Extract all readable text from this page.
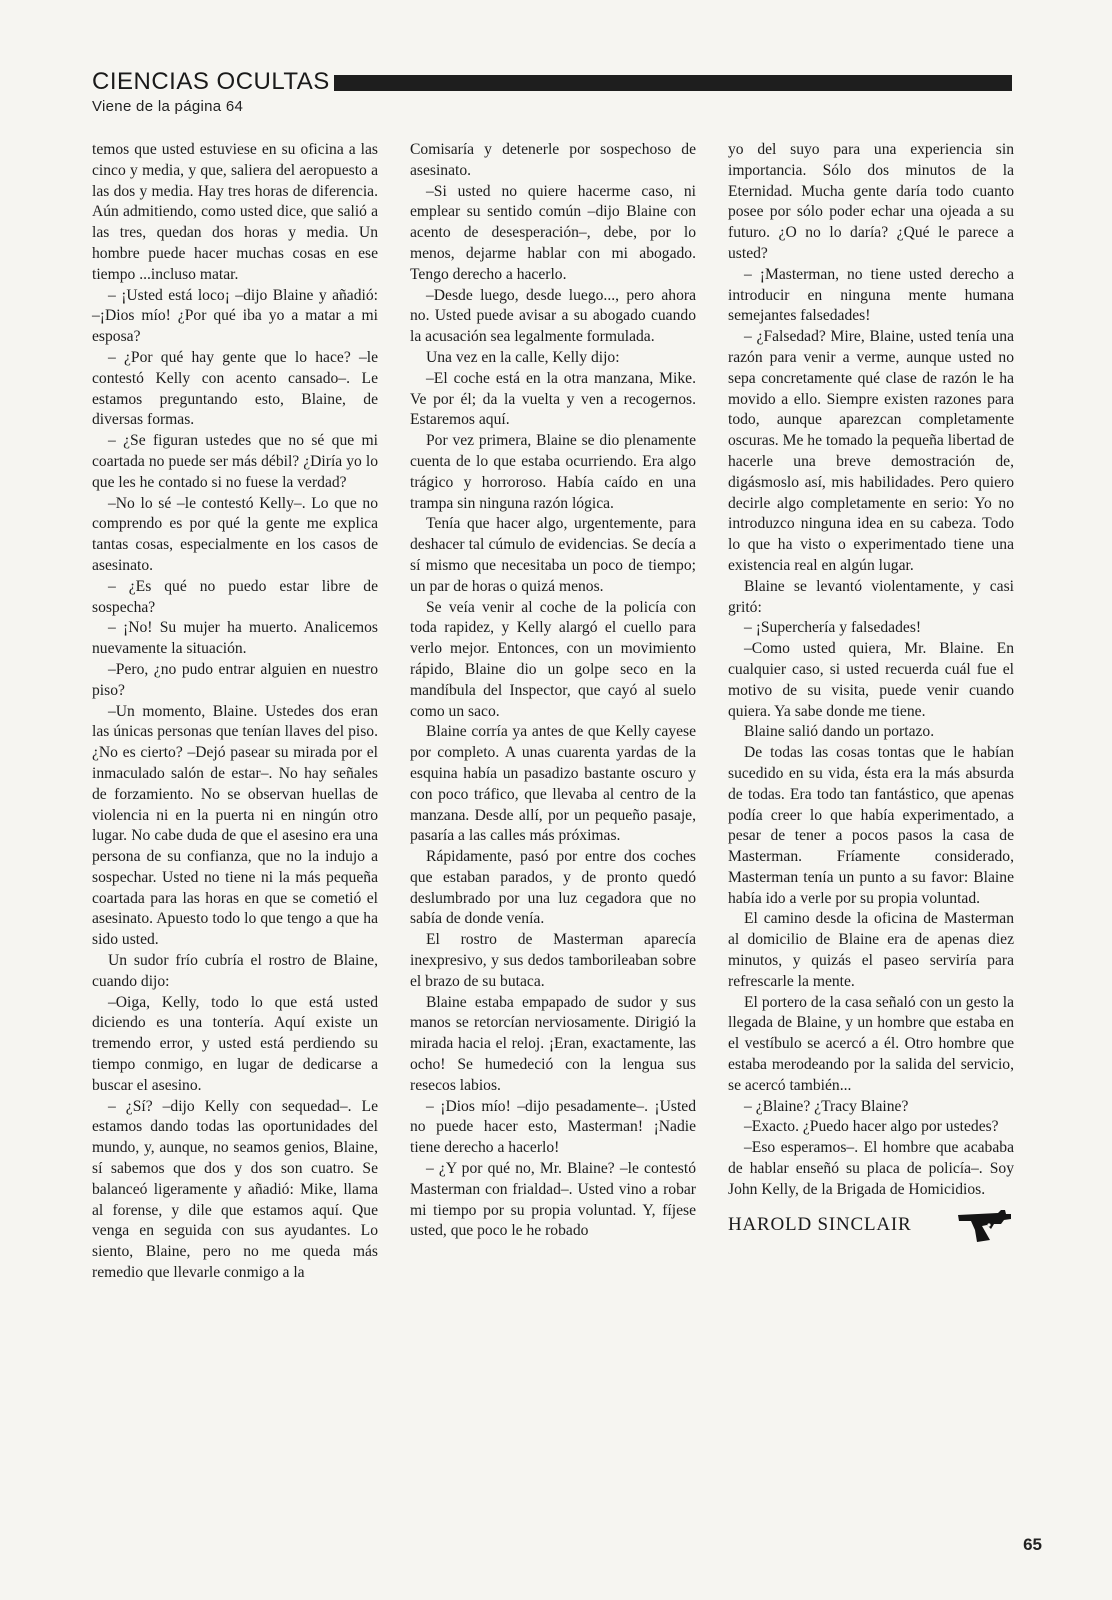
CIENCIAS OCULTAS
Viene de la página 64

temos que usted estuviese en su oficina a las cinco y media, y que, saliera del aeropuesto a las dos y media. Hay tres horas de diferencia. Aún admitiendo, como usted dice, que salió a las tres, quedan dos horas y media. Un hombre puede hacer muchas cosas en ese tiempo ...incluso matar.

– ¡Usted está loco¡ –dijo Blaine y añadió: –¡Dios mío! ¿Por qué iba yo a matar a mi esposa?

– ¿Por qué hay gente que lo hace? –le contestó Kelly con acento cansado–. Le estamos preguntando esto, Blaine, de diversas formas.

– ¿Se figuran ustedes que no sé que mi coartada no puede ser más débil? ¿Diría yo lo que les he contado si no fuese la verdad?

–No lo sé –le contestó Kelly–. Lo que no comprendo es por qué la gente me explica tantas cosas, especialmente en los casos de asesinato.

– ¿Es qué no puedo estar libre de sospecha?

– ¡No! Su mujer ha muerto. Analicemos nuevamente la situación.

–Pero, ¿no pudo entrar alguien en nuestro piso?

–Un momento, Blaine. Ustedes dos eran las únicas personas que tenían llaves del piso. ¿No es cierto? –Dejó pasear su mirada por el inmaculado salón de estar–. No hay señales de forzamiento. No se observan huellas de violencia ni en la puerta ni en ningún otro lugar. No cabe duda de que el asesino era una persona de su confianza, que no la indujo a sospechar. Usted no tiene ni la más pequeña coartada para las horas en que se cometió el asesinato. Apuesto todo lo que tengo a que ha sido usted.

Un sudor frío cubría el rostro de Blaine, cuando dijo:

–Oiga, Kelly, todo lo que está usted diciendo es una tontería. Aquí existe un tremendo error, y usted está perdiendo su tiempo conmigo, en lugar de dedicarse a buscar el asesino.

– ¿Sí? –dijo Kelly con sequedad–. Le estamos dando todas las oportunidades del mundo, y, aunque, no seamos genios, Blaine, sí sabemos que dos y dos son cuatro. Se balanceó ligeramente y añadió: Mike, llama al forense, y dile que estamos aquí. Que venga en seguida con sus ayudantes. Lo siento, Blaine, pero no me queda más remedio que llevarle conmigo a la

Comisaría y detenerle por sospechoso de asesinato.

–Si usted no quiere hacerme caso, ni emplear su sentido común –dijo Blaine con acento de desesperación–, debe, por lo menos, dejarme hablar con mi abogado. Tengo derecho a hacerlo.

–Desde luego, desde luego..., pero ahora no. Usted puede avisar a su abogado cuando la acusación sea legalmente formulada.

Una vez en la calle, Kelly dijo:

–El coche está en la otra manzana, Mike. Ve por él; da la vuelta y ven a recogernos. Estaremos aquí.

Por vez primera, Blaine se dio plenamente cuenta de lo que estaba ocurriendo. Era algo trágico y horroroso. Había caído en una trampa sin ninguna razón lógica.

Tenía que hacer algo, urgentemente, para deshacer tal cúmulo de evidencias. Se decía a sí mismo que necesitaba un poco de tiempo; un par de horas o quizá menos.

Se veía venir al coche de la policía con toda rapidez, y Kelly alargó el cuello para verlo mejor. Entonces, con un movimiento rápido, Blaine dio un golpe seco en la mandíbula del Inspector, que cayó al suelo como un saco.

Blaine corría ya antes de que Kelly cayese por completo. A unas cuarenta yardas de la esquina había un pasadizo bastante oscuro y con poco tráfico, que llevaba al centro de la manzana. Desde allí, por un pequeño pasaje, pasaría a las calles más próximas.

Rápidamente, pasó por entre dos coches que estaban parados, y de pronto quedó deslumbrado por una luz cegadora que no sabía de donde venía.

El rostro de Masterman aparecía inexpresivo, y sus dedos tamborileaban sobre el brazo de su butaca.

Blaine estaba empapado de sudor y sus manos se retorcían nerviosamente. Dirigió la mirada hacia el reloj. ¡Eran, exactamente, las ocho! Se humedeció con la lengua sus resecos labios.

– ¡Dios mío! –dijo pesadamente–. ¡Usted no puede hacer esto, Masterman! ¡Nadie tiene derecho a hacerlo!

– ¿Y por qué no, Mr. Blaine? –le contestó Masterman con frialdad–. Usted vino a robar mi tiempo por su propia voluntad. Y, fíjese usted, que poco le he robado

yo del suyo para una experiencia sin importancia. Sólo dos minutos de la Eternidad. Mucha gente daría todo cuanto posee por sólo poder echar una ojeada a su futuro. ¿O no lo daría? ¿Qué le parece a usted?

– ¡Masterman, no tiene usted derecho a introducir en ninguna mente humana semejantes falsedades!

– ¿Falsedad? Mire, Blaine, usted tenía una razón para venir a verme, aunque usted no sepa concretamente qué clase de razón le ha movido a ello. Siempre existen razones para todo, aunque aparezcan completamente oscuras. Me he tomado la pequeña libertad de hacerle una breve demostración de, digásmoslo así, mis habilidades. Pero quiero decirle algo completamente en serio: Yo no introduzco ninguna idea en su cabeza. Todo lo que ha visto o experimentado tiene una existencia real en algún lugar.

Blaine se levantó violentamente, y casi gritó:

– ¡Superchería y falsedades!

–Como usted quiera, Mr. Blaine. En cualquier caso, si usted recuerda cuál fue el motivo de su visita, puede venir cuando quiera. Ya sabe donde me tiene.

Blaine salió dando un portazo.

De todas las cosas tontas que le habían sucedido en su vida, ésta era la más absurda de todas. Era todo tan fantástico, que apenas podía creer lo que había experimentado, a pesar de tener a pocos pasos la casa de Masterman. Fríamente considerado, Masterman tenía un punto a su favor: Blaine había ido a verle por su propia voluntad.

El camino desde la oficina de Masterman al domicilio de Blaine era de apenas diez minutos, y quizás el paseo serviría para refrescarle la mente.

El portero de la casa señaló con un gesto la llegada de Blaine, y un hombre que estaba en el vestíbulo se acercó a él. Otro hombre que estaba merodeando por la salida del servicio, se acercó también...

– ¿Blaine? ¿Tracy Blaine?

–Exacto. ¿Puedo hacer algo por ustedes?

–Eso esperamos–. El hombre que acababa de hablar enseñó su placa de policía–. Soy John Kelly, de la Brigada de Homicidios.

HAROLD SINCLAIR
65
